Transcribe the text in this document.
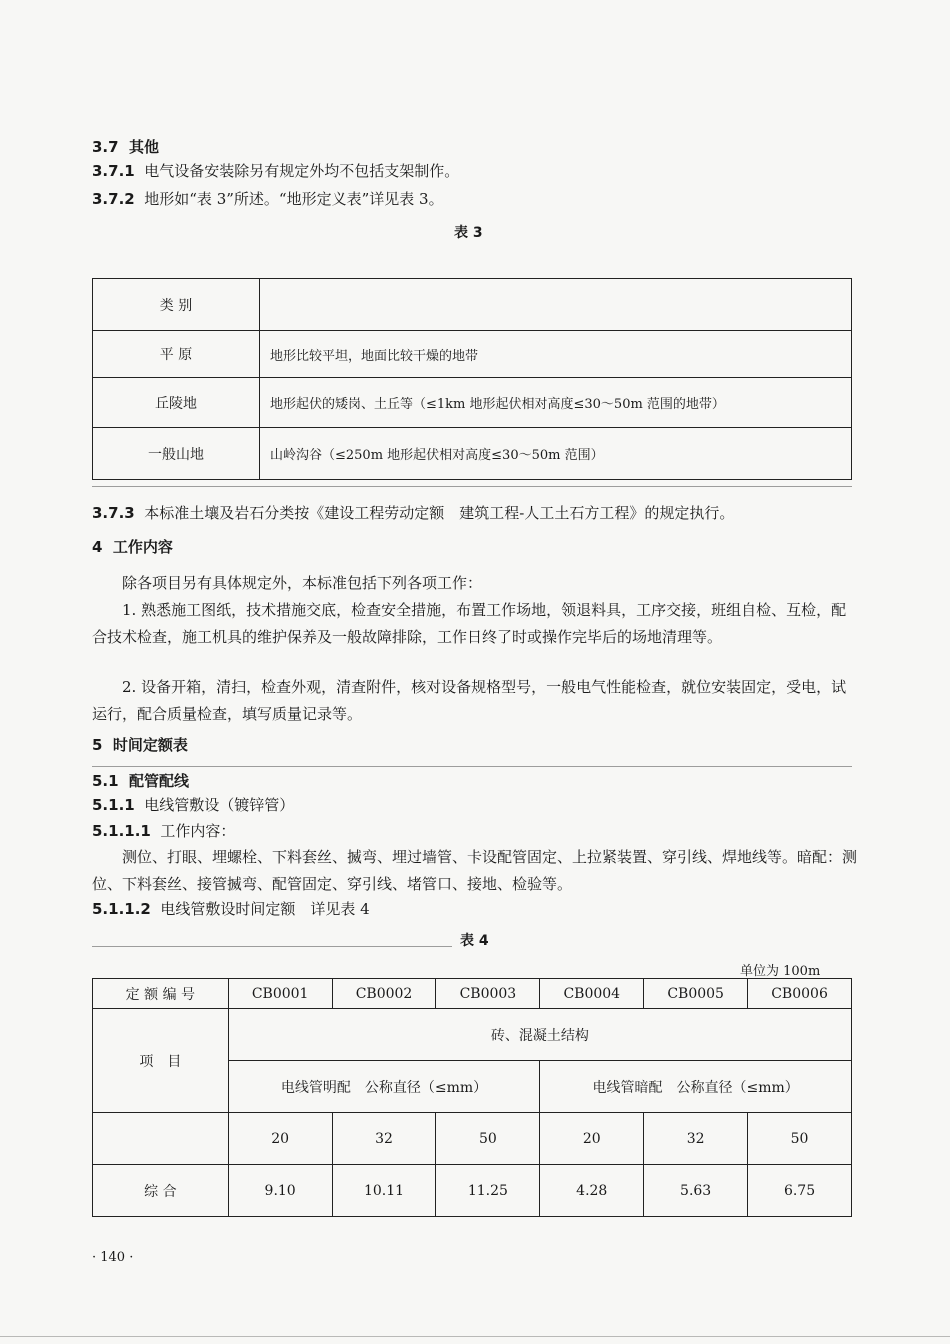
3.7 其他
3.7.1 电气设备安装除另有规定外均不包括支架制作。
3.7.2 地形如“表 3”所述。“地形定义表”详见表 3。
表 3
类 别	
平 原	地形比较平坦，地面比较干燥的地带
丘陵地	地形起伏的矮岗、土丘等（≤1km 地形起伏相对高度≤30～50m 范围的地带）
一般山地	山岭沟谷（≤250m 地形起伏相对高度≤30～50m 范围）
3.7.3 本标准土壤及岩石分类按《建设工程劳动定额　建筑工程-人工土石方工程》的规定执行。
4 工作内容
除各项目另有具体规定外，本标准包括下列各项工作：
1. 熟悉施工图纸，技术措施交底，检查安全措施，布置工作场地，领退料具，工序交接，班组自检、互检，配合技术检查，施工机具的维护保养及一般故障排除，工作日终了时或操作完毕后的场地清理等。
2. 设备开箱，清扫，检查外观，清查附件，核对设备规格型号，一般电气性能检查，就位安装固定，受电，试运行，配合质量检查，填写质量记录等。
5 时间定额表
5.1 配管配线
5.1.1 电线管敷设（镀锌管）
5.1.1.1 工作内容：
测位、打眼、埋螺栓、下料套丝、揻弯、埋过墙管、卡设配管固定、上拉紧装置、穿引线、焊地线等。暗配：测位、下料套丝、接管揻弯、配管固定、穿引线、堵管口、接地、检验等。
5.1.1.2 电线管敷设时间定额　详见表 4
表 4
单位为 100m
定 额 编 号	CB0001	CB0002	CB0003	CB0004	CB0005	CB0006
项　目	砖、混凝土结构					
	电线管明配　公称直径（≤mm）			电线管暗配　公称直径（≤mm）		
	20	32	50	20	32	50
综 合	9.10	10.11	11.25	4.28	5.63	6.75
· 140 ·
